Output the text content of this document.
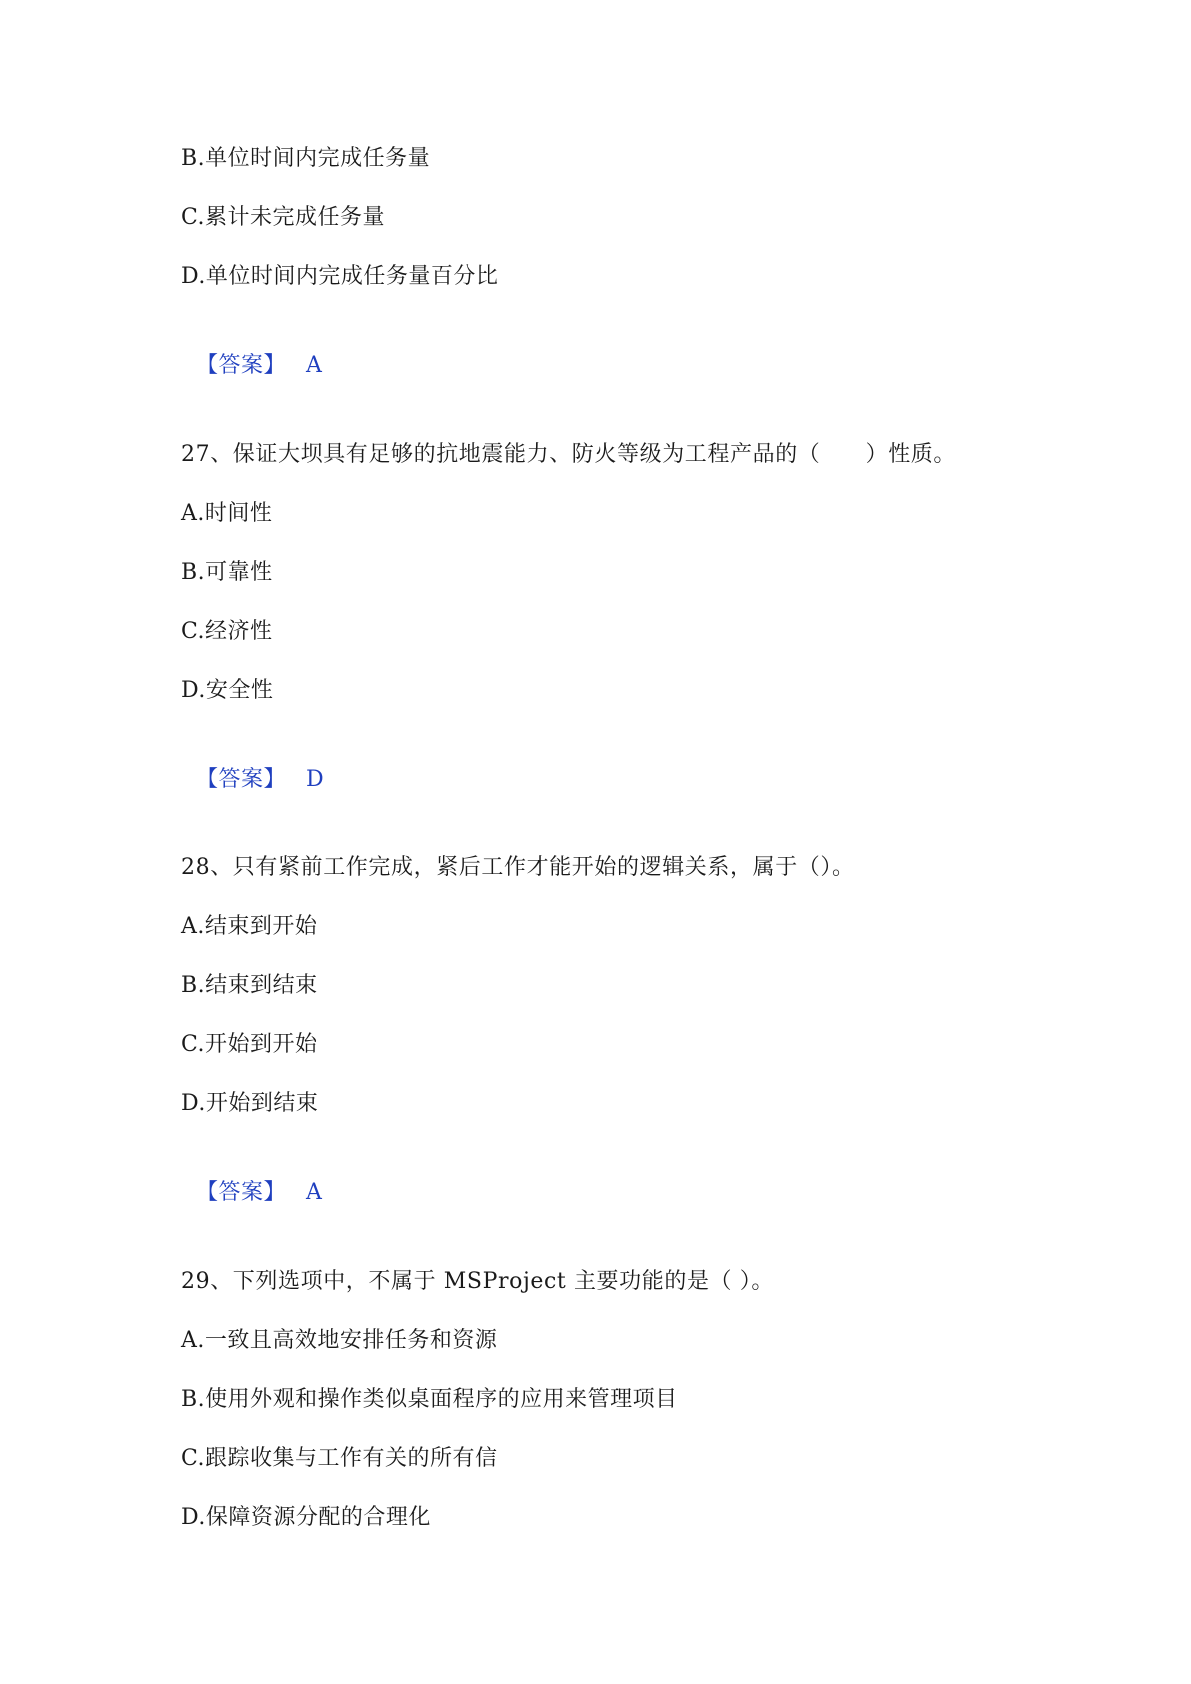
B.单位时间内完成任务量
C.累计未完成任务量
D.单位时间内完成任务量百分比

【答案】 A

27、保证大坝具有足够的抗地震能力、防火等级为工程产品的（　　）性质。
A.时间性
B.可靠性
C.经济性
D.安全性

【答案】 D

28、只有紧前工作完成，紧后工作才能开始的逻辑关系，属于（）。
A.结束到开始
B.结束到结束
C.开始到开始
D.开始到结束

【答案】 A

29、下列选项中，不属于 MSProject 主要功能的是（ ）。
A.一致且高效地安排任务和资源
B.使用外观和操作类似桌面程序的应用来管理项目
C.跟踪收集与工作有关的所有信
D.保障资源分配的合理化
